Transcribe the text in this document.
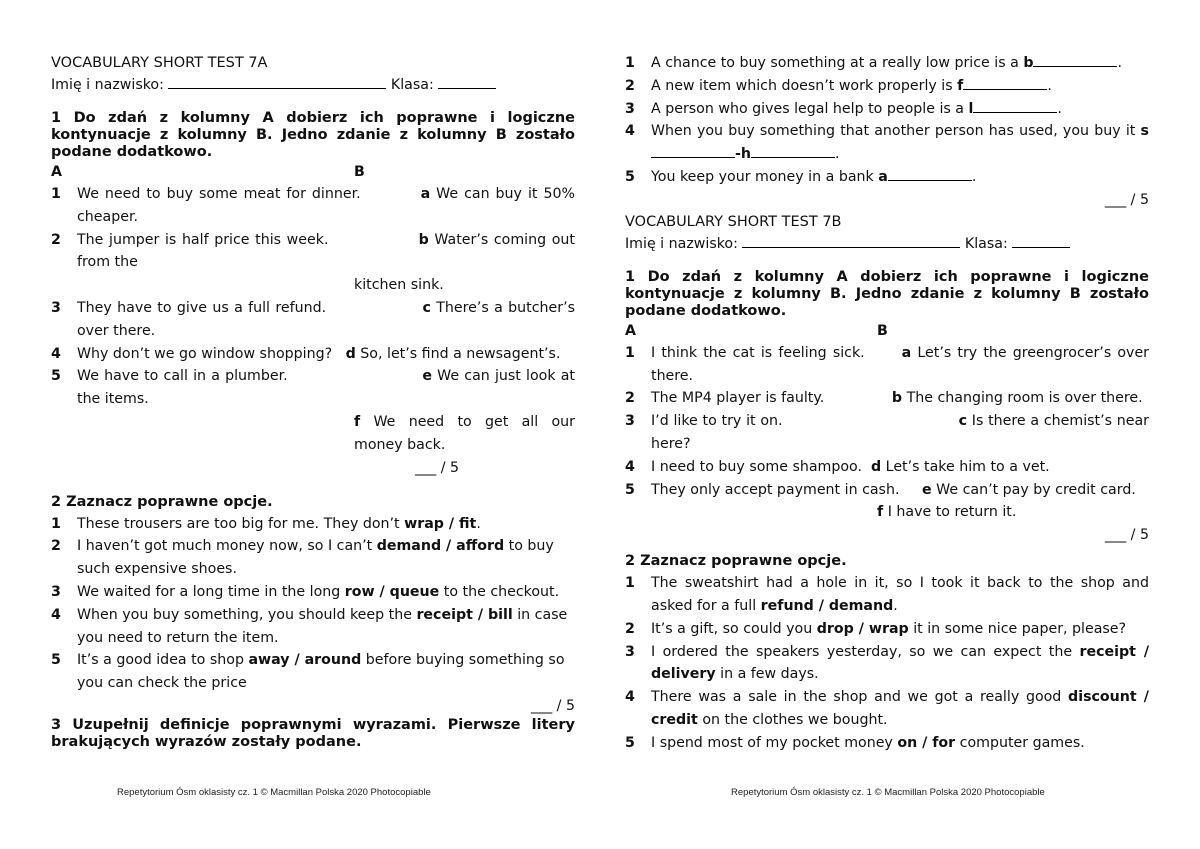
VOCABULARY SHORT TEST 7A

Imię i nazwisko:	Klasa:

1 Do zdań z kolumny A dobierz ich poprawne i logiczne kontynuacje z kolumny B. Jedno zdanie z kolumny B zostało podane dodatkowo.

A	B
1	We need to buy some meat for dinner.          a We can buy it 50% cheaper.
2	The jumper is half price this week.                b Water’s coming out from the
kitchen sink.
3	They have to give us a full refund.                  c There’s a butcher’s over there.
4	Why don’t we go window shopping?   d So, let’s find a newsagent’s.
5	We have to call in a plumber.                          e We can just look at the items.
f We need to get all our money back.
___ / 5

2 Zaznacz poprawne opcje.

1	These trousers are too big for me. They don’t wrap / fit.
2	I haven’t got much money now, so I can’t demand / afford to buy such expensive shoes.
3	We waited for a long time in the long row / queue to the checkout.
4	When you buy something, you should keep the receipt / bill in case you need to return the item.
5	It’s a good idea to shop away / around before buying something so you can check the price
___ / 5

3 Uzupełnij definicje poprawnymi wyrazami. Pierwsze litery brakujących wyrazów zostały podane.

Repetytorium Ósm oklasisty cz. 1 © Macmillan Polska 2020 Photocopiable
1	A chance to buy something at a really low price is a b	.
2	A new item which doesn’t work properly is f	.
3	A person who gives legal help to people is a l	.
4	When you buy something that another person has used, you buy it s-h	.
5	You keep your money in a bank a	.
___ / 5

VOCABULARY SHORT TEST 7B

Imię i nazwisko:	Klasa:

1 Do zdań z kolumny A dobierz ich poprawne i logiczne kontynuacje z kolumny B. Jedno zdanie z kolumny B zostało podane dodatkowo.

A	B
1	I think the cat is feeling sick.      a Let’s try the greengrocer’s over there.
2	The MP4 player is faulty.               b The changing room is over there.
3	I’d like to try it on.                                     c Is there a chemist’s near here?
4	I need to buy some shampoo.  d Let’s take him to a vet.
5	They only accept payment in cash.     e We can’t pay by credit card.
f I have to return it.
___ / 5

2 Zaznacz poprawne opcje.

1	The sweatshirt had a hole in it, so I took it back to the shop and asked for a full refund / demand.
2	It’s a gift, so could you drop / wrap it in some nice paper, please?
3	I ordered the speakers yesterday, so we can expect the receipt / delivery in a few days.
4	There was a sale in the shop and we got a really good discount / credit on the clothes we bought.
5	I spend most of my pocket money on / for computer games.
Repetytorium Ósm oklasisty cz. 1 © Macmillan Polska 2020 Photocopiable
